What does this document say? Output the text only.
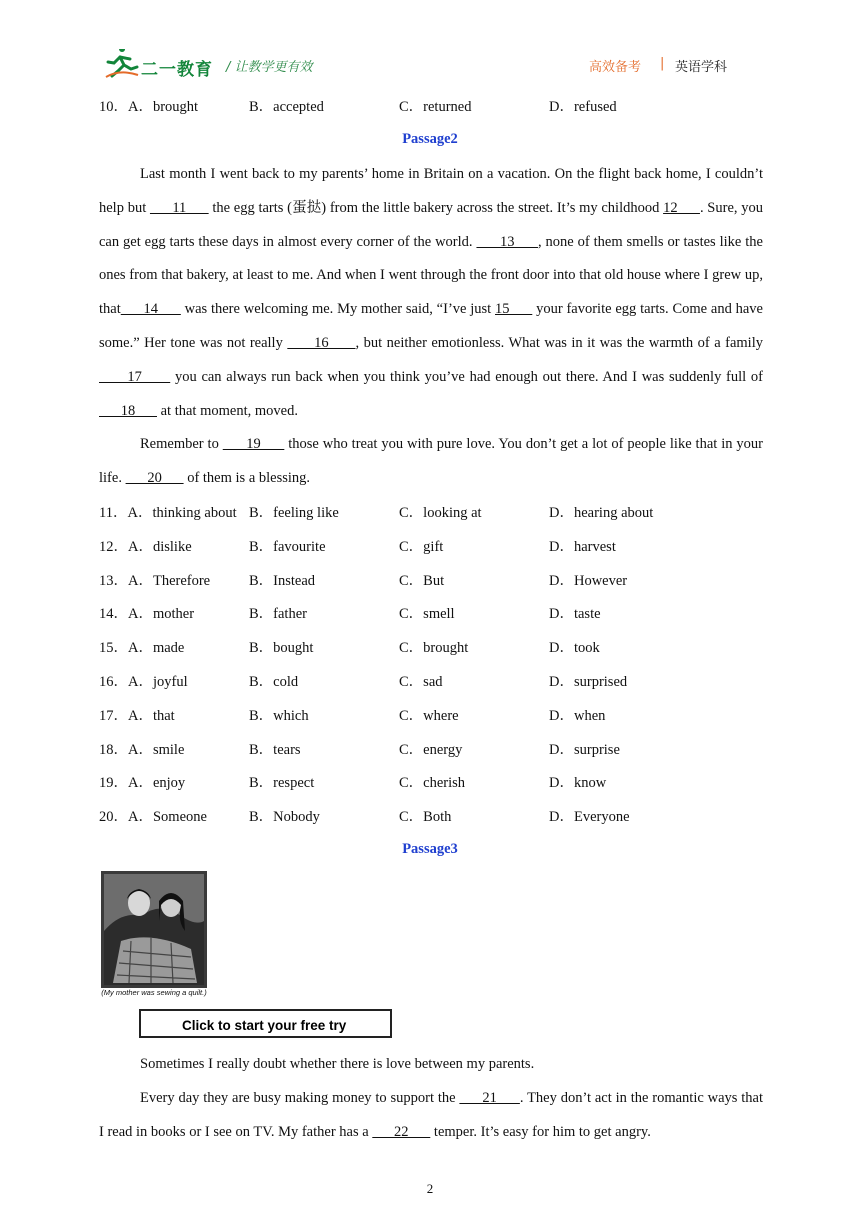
二一教育 / 让教学更有效	高效备考 | 英语学科
10．A．brought	B．accepted	C．returned	D．refused
Passage2
Last month I went back to my parents’ home in Britain on a vacation. On the flight back home, I couldn’t help but       11       the egg tarts (蛋挞) from the little bakery across the street. It’s my childhood 12      . Sure, you can get egg tarts these days in almost every corner of the world.       13      , none of them smells or tastes like the ones from that bakery, at least to me. And when I went through the front door into that old house where I grew up, that      14       was there welcoming me. My mother said, “I’ve just 15       your favorite egg tarts. Come and have some.” Her tone was not really       16      , but neither emotionless. What was in it was the warmth of a family       17       you can always run back when you think you’ve had enough out there. And I was suddenly full of       18       at that moment, moved.
Remember to       19       those who treat you with pure love. You don’t get a lot of people like that in your life.       20       of them is a blessing.
11．A．thinking about B．feeling like	C．looking at	D．hearing about
12．A．dislike	B．favourite	C．gift	D．harvest
13．A．Therefore	B．Instead	C．But	D．However
14．A．mother	B．father	C．smell	D．taste
15．A．made	B．bought	C．brought	D．took
16．A．joyful	B．cold	C．sad	D．surprised
17．A．that	B．which	C．where	D．when
18．A．smile	B．tears	C．energy	D．surprise
19．A．enjoy	B．respect	C．cherish	D．know
20．A．Someone	B．Nobody	C．Both	D．Everyone
Passage3
(My mother was sewing a quilt.)
Click to start your free try
Sometimes I really doubt whether there is love between my parents.
Every day they are busy making money to support the       21      . They don’t act in the romantic ways that I read in books or I see on TV. My father has a       22       temper. It’s easy for him to get angry.
2
